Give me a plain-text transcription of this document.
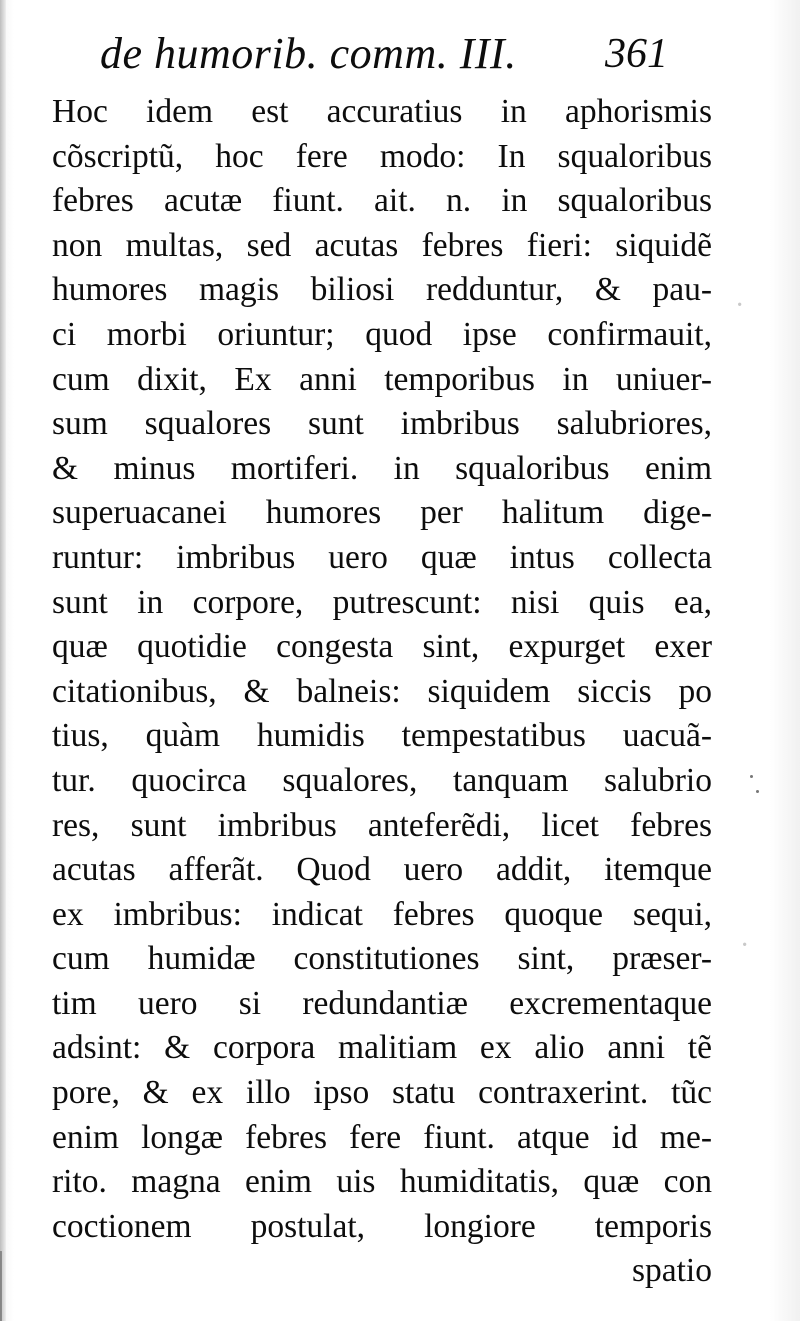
·
·
de humorib. comm. III. 361
Hoc idem est accuratius in aphorismis
cõscriptũ, hoc fere modo: In squaloribus
febres acutæ fiunt. ait. n. in squaloribus
non multas, sed acutas febres fieri: siquidẽ
humores magis biliosi redduntur, & pau-
ci morbi oriuntur; quod ipse confirmauit,
cum dixit, Ex anni temporibus in uniuer-
sum squalores sunt imbribus salubriores,
& minus mortiferi. in squaloribus enim
superuacanei humores per halitum dige-
runtur: imbribus uero quæ intus collecta
sunt in corpore, putrescunt: nisi quis ea,
quæ quotidie congesta sint, expurget exer
citationibus, & balneis: siquidem siccis po
tius, quàm humidis tempestatibus uacuã-
tur. quocirca squalores, tanquam salubrio
res, sunt imbribus anteferẽdi, licet febres
acutas afferãt. Quod uero addit, itemque
ex imbribus: indicat febres quoque sequi,
cum humidæ constitutiones sint, præser-
tim uero si redundantiæ excrementaque
adsint: & corpora malitiam ex alio anni tẽ
pore, & ex illo ipso statu contraxerint. tũc
enim longæ febres fere fiunt. atque id me-
rito. magna enim uis humiditatis, quæ con
coctionem postulat, longiore temporis
spatio
